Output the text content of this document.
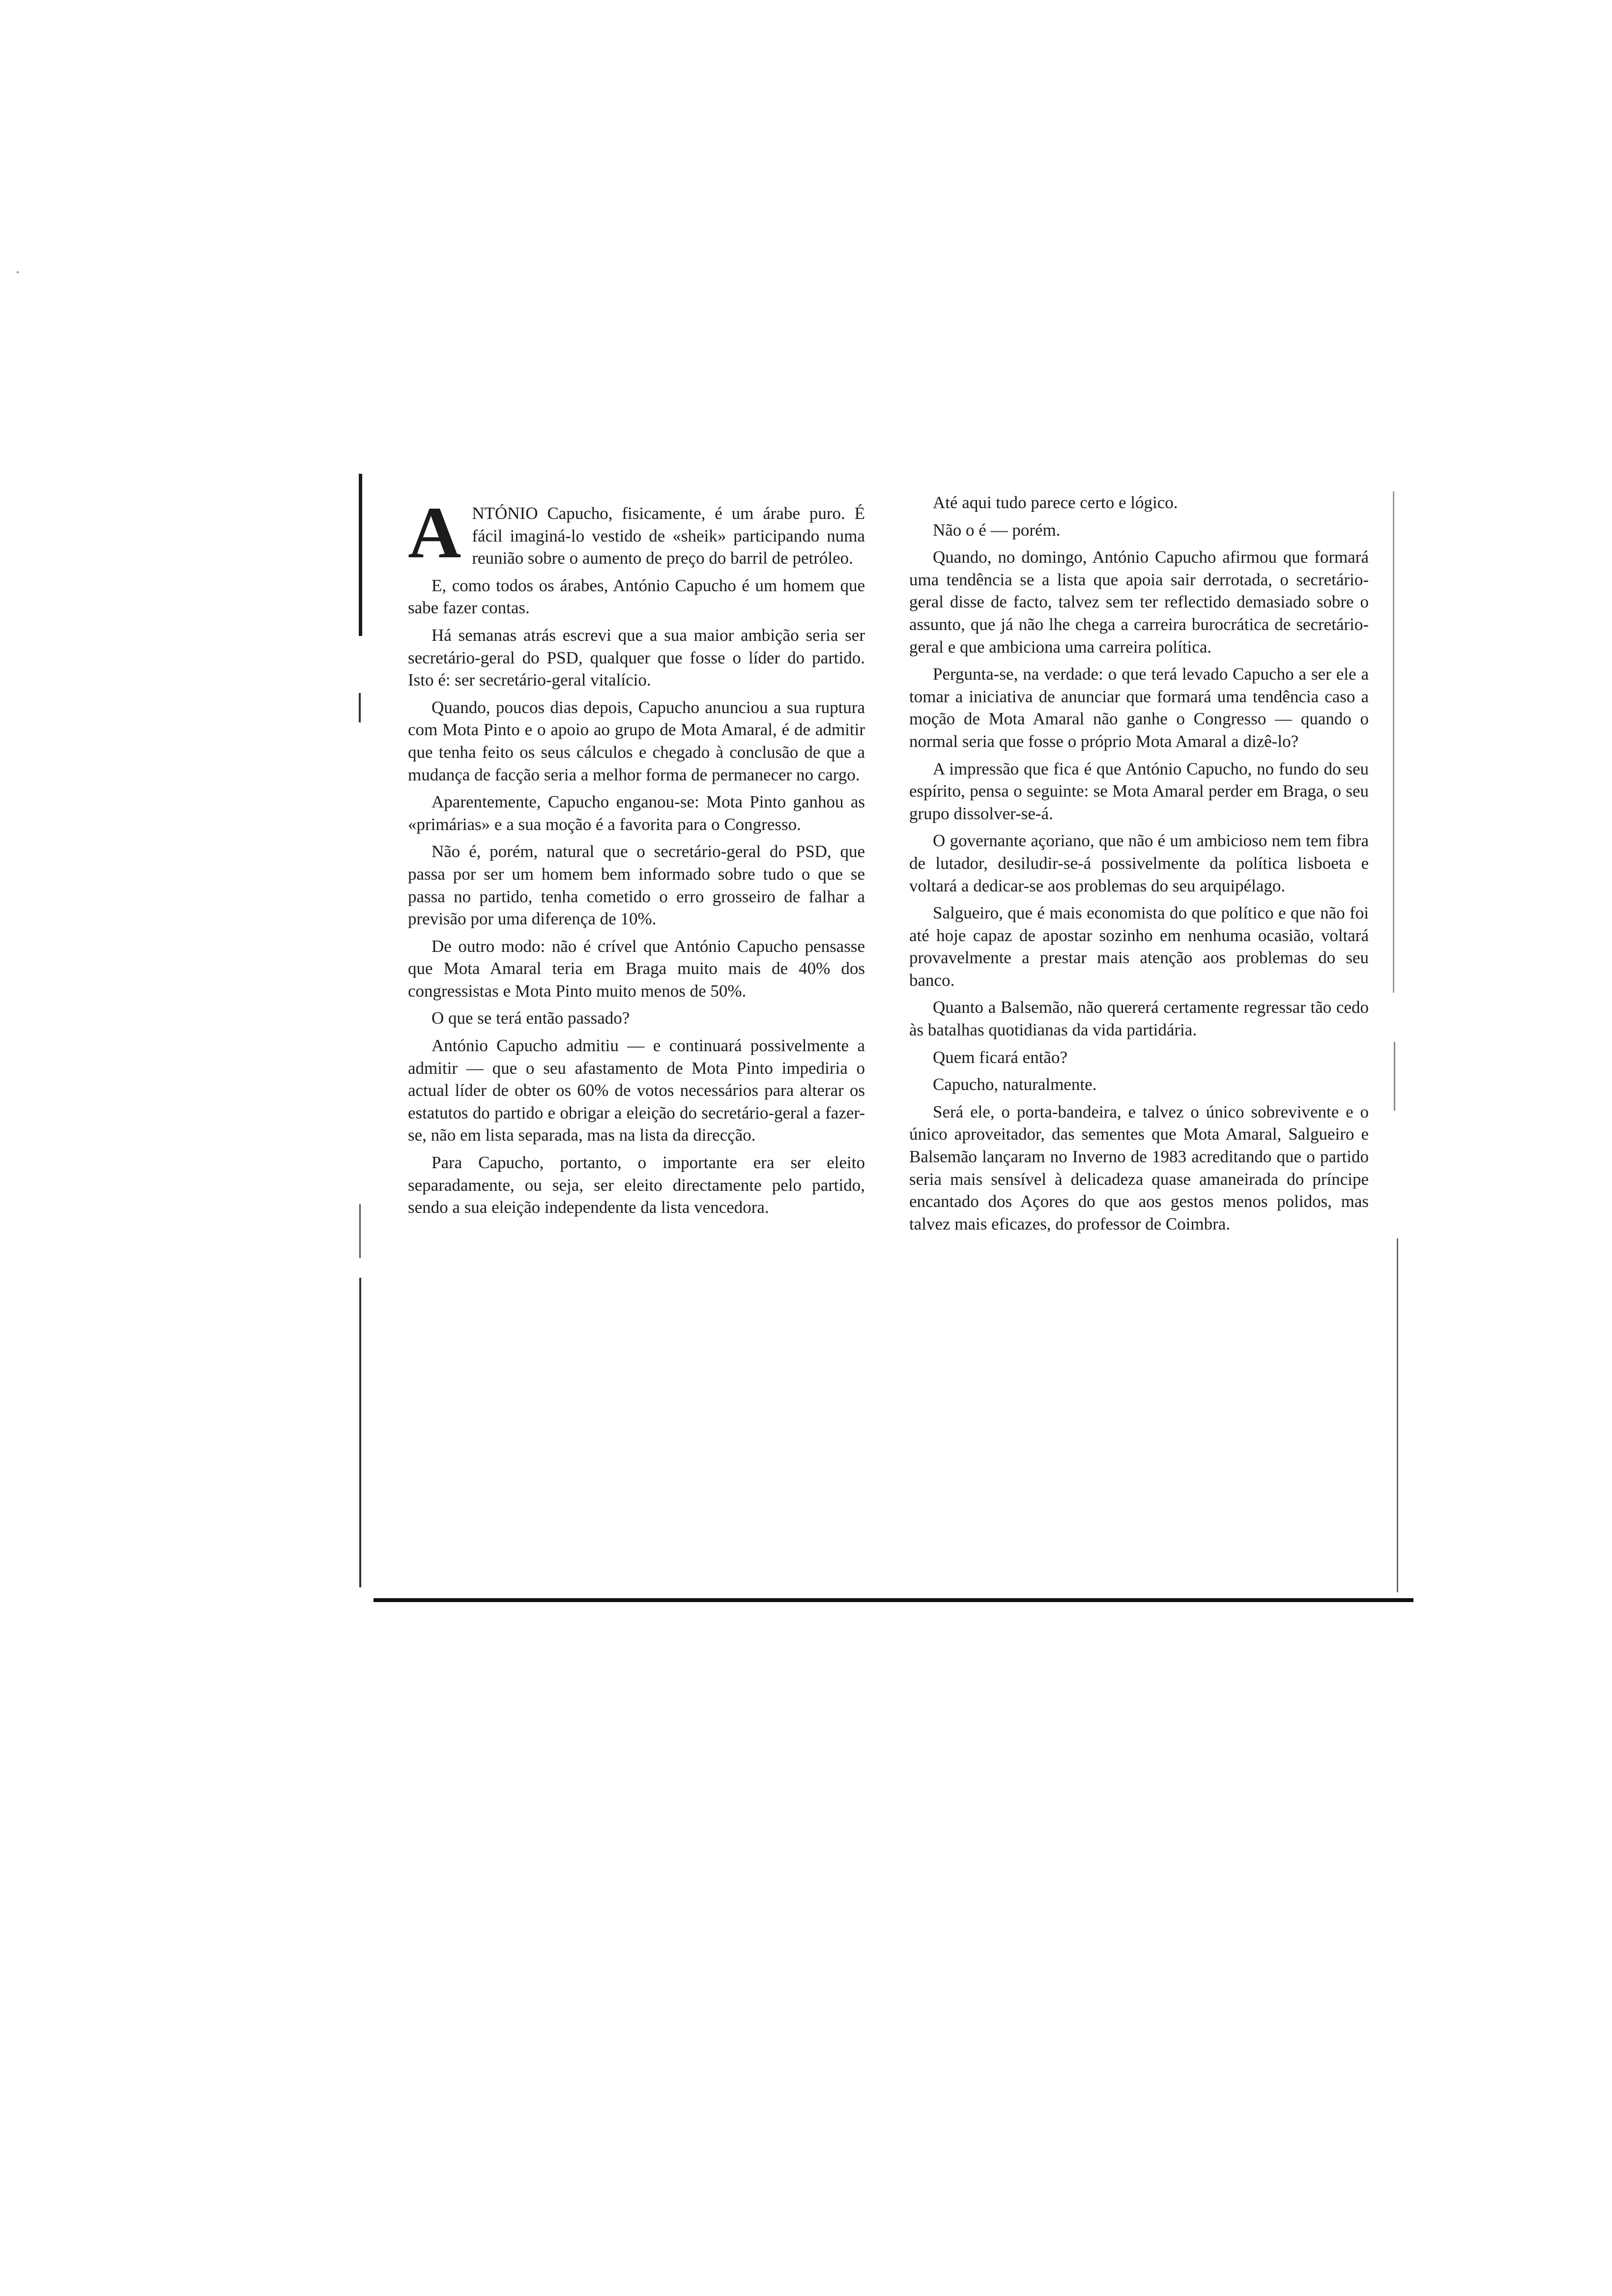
ANTÓNIO Capucho, fisicamente, é um árabe puro. É fácil imaginá-lo vestido de «sheik» participando numa reunião sobre o aumento de preço do barril de petróleo.

E, como todos os árabes, António Capucho é um homem que sabe fazer contas.

Há semanas atrás escrevi que a sua maior ambição seria ser secretário-geral do PSD, qualquer que fosse o líder do partido. Isto é: ser secretário-geral vitalício.

Quando, poucos dias depois, Capucho anunciou a sua ruptura com Mota Pinto e o apoio ao grupo de Mota Amaral, é de admitir que tenha feito os seus cálculos e chegado à conclusão de que a mudança de facção seria a melhor forma de permanecer no cargo.

Aparentemente, Capucho enganou-se: Mota Pinto ganhou as «primárias» e a sua moção é a favorita para o Congresso.

Não é, porém, natural que o secretário-geral do PSD, que passa por ser um homem bem informado sobre tudo o que se passa no partido, tenha cometido o erro grosseiro de falhar a previsão por uma diferença de 10%.

De outro modo: não é crível que António Capucho pensasse que Mota Amaral teria em Braga muito mais de 40% dos congressistas e Mota Pinto muito menos de 50%.

O que se terá então passado?

António Capucho admitiu — e continuará possivelmente a admitir — que o seu afastamento de Mota Pinto impediria o actual líder de obter os 60% de votos necessários para alterar os estatutos do partido e obrigar a eleição do secretário-geral a fazer-se, não em lista separada, mas na lista da direcção.

Para Capucho, portanto, o importante era ser eleito separadamente, ou seja, ser eleito directamente pelo partido, sendo a sua eleição independente da lista vencedora.

Até aqui tudo parece certo e lógico.

Não o é — porém.

Quando, no domingo, António Capucho afirmou que formará uma tendência se a lista que apoia sair derrotada, o secretário-geral disse de facto, talvez sem ter reflectido demasiado sobre o assunto, que já não lhe chega a carreira burocrática de secretário-geral e que ambiciona uma carreira política.

Pergunta-se, na verdade: o que terá levado Capucho a ser ele a tomar a iniciativa de anunciar que formará uma tendência caso a moção de Mota Amaral não ganhe o Congresso — quando o normal seria que fosse o próprio Mota Amaral a dizê-lo?

A impressão que fica é que António Capucho, no fundo do seu espírito, pensa o seguinte: se Mota Amaral perder em Braga, o seu grupo dissolver-se-á.

O governante açoriano, que não é um ambicioso nem tem fibra de lutador, desiludir-se-á possivelmente da política lisboeta e voltará a dedicar-se aos problemas do seu arquipélago.

Salgueiro, que é mais economista do que político e que não foi até hoje capaz de apostar sozinho em nenhuma ocasião, voltará provavelmente a prestar mais atenção aos problemas do seu banco.

Quanto a Balsemão, não quererá certamente regressar tão cedo às batalhas quotidianas da vida partidária.

Quem ficará então?

Capucho, naturalmente.

Será ele, o porta-bandeira, e talvez o único sobrevivente e o único aproveitador, das sementes que Mota Amaral, Salgueiro e Balsemão lançaram no Inverno de 1983 acreditando que o partido seria mais sensível à delicadeza quase amaneirada do príncipe encantado dos Açores do que aos gestos menos polidos, mas talvez mais eficazes, do professor de Coimbra.
